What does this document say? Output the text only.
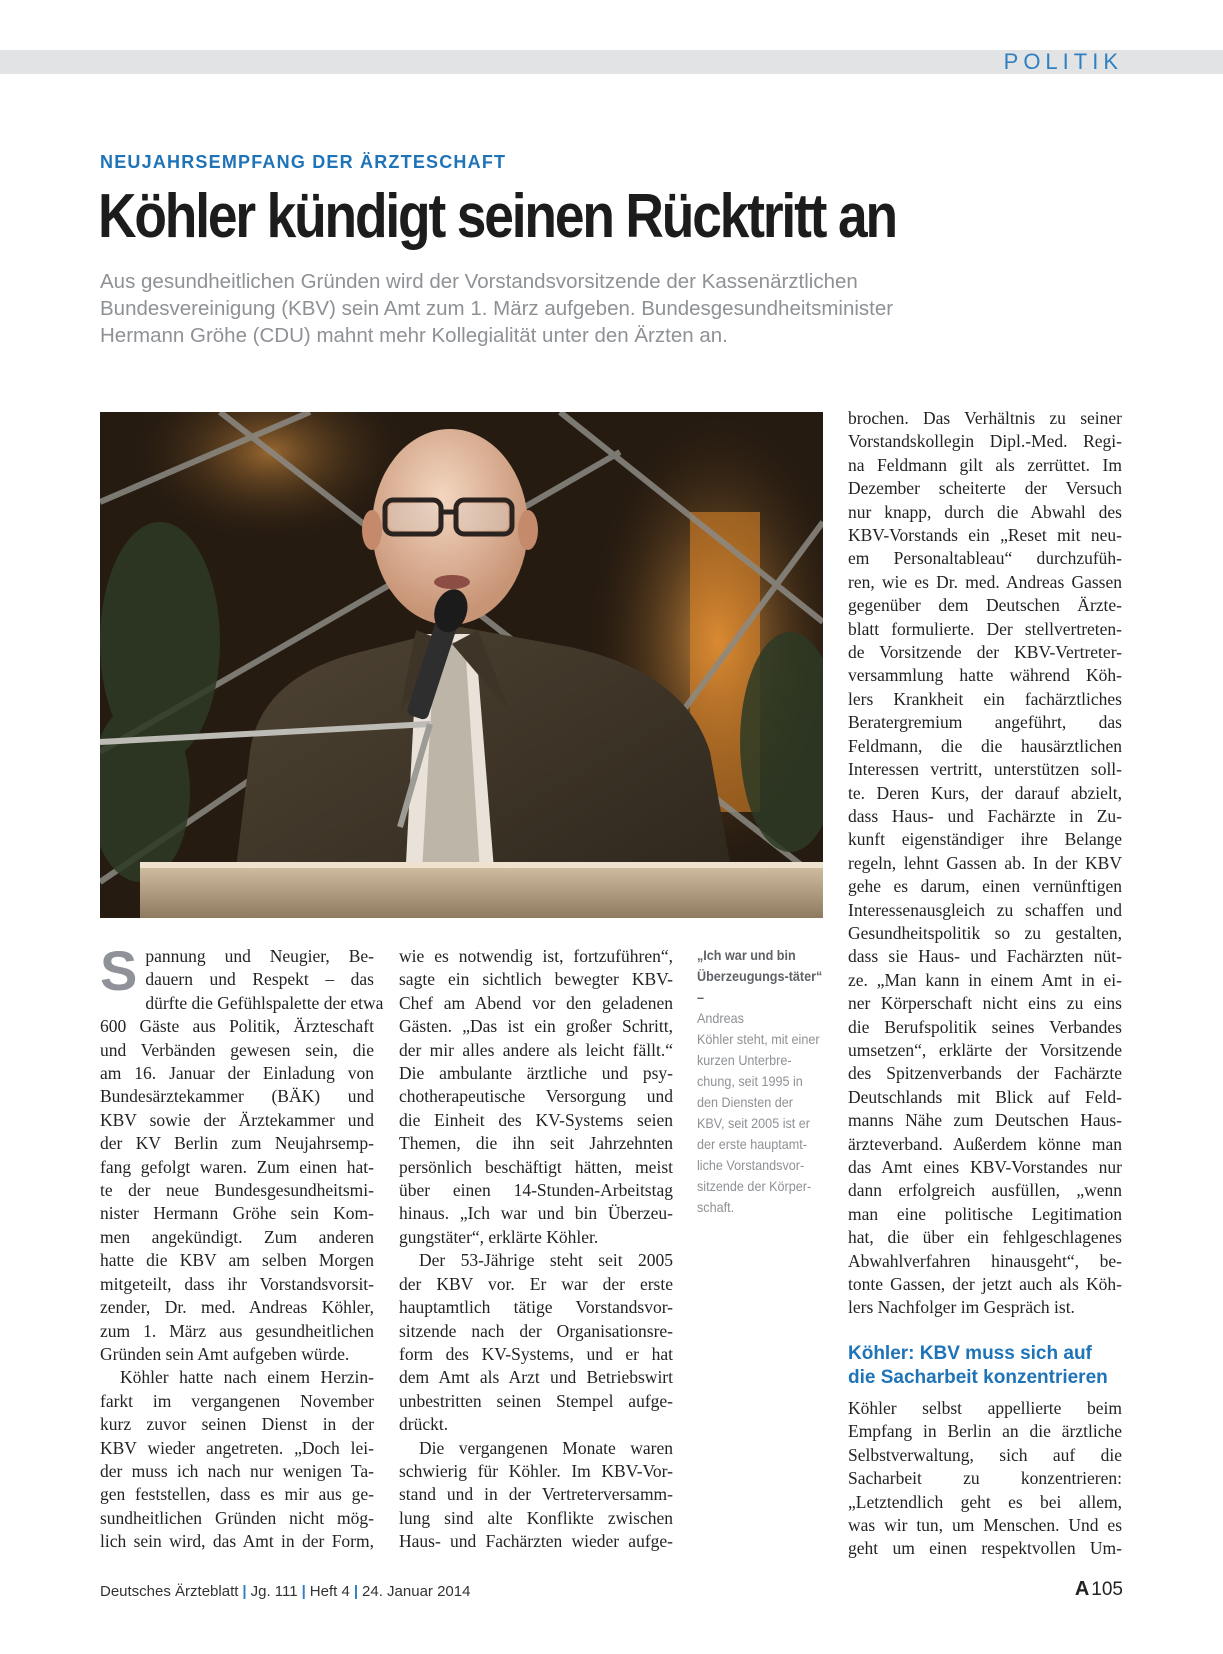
POLITIK
NEUJAHRSEMPFANG DER ÄRZTESCHAFT
Köhler kündigt seinen Rücktritt an
Aus gesundheitlichen Gründen wird der Vorstandsvorsitzende der Kassenärztlichen
Bundesvereinigung (KBV) sein Amt zum 1. März aufgeben. Bundesgesundheitsminister
Hermann Gröhe (CDU) mahnt mehr Kollegialität unter den Ärzten an.
S pannung und Neugier, Be-
dauern und Respekt – das
dürfte die Gefühlspalette der etwa
600 Gäste aus Politik, Ärzteschaft
und Verbänden gewesen sein, die
am 16. Januar der Einladung von
Bundesärztekammer (BÄK) und
KBV sowie der Ärztekammer und
der KV Berlin zum Neujahrsemp-
fang gefolgt waren. Zum einen hat-
te der neue Bundesgesundheitsmi-
nister Hermann Gröhe sein Kom-
men angekündigt. Zum anderen
hatte die KBV am selben Morgen
mitgeteilt, dass ihr Vorstandsvorsit-
zender, Dr. med. Andreas Köhler,
zum 1. März aus gesundheitlichen
Gründen sein Amt aufgeben würde.
Köhler hatte nach einem Herzin-
farkt im vergangenen November
kurz zuvor seinen Dienst in der
KBV wieder angetreten. „Doch lei-
der muss ich nach nur wenigen Ta-
gen feststellen, dass es mir aus ge-
sundheitlichen Gründen nicht mög-
lich sein wird, das Amt in der Form,
wie es notwendig ist, fortzuführen“,
sagte ein sichtlich bewegter KBV-
Chef am Abend vor den geladenen
Gästen. „Das ist ein großer Schritt,
der mir alles andere als leicht fällt.“
Die ambulante ärztliche und psy-
chotherapeutische Versorgung und
die Einheit des KV-Systems seien
Themen, die ihn seit Jahrzehnten
persönlich beschäftigt hätten, meist
über einen 14-Stunden-Arbeitstag
hinaus. „Ich war und bin Überzeu-
gungstäter“, erklärte Köhler.
Der 53-Jährige steht seit 2005
der KBV vor. Er war der erste
hauptamtlich tätige Vorstandsvor-
sitzende nach der Organisationsre-
form des KV-Systems, und er hat
dem Amt als Arzt und Betriebswirt
unbestritten seinen Stempel aufge-
drückt.
Die vergangenen Monate waren
schwierig für Köhler. Im KBV-Vor-
stand und in der Vertreterversamm-
lung sind alte Konflikte zwischen
Haus- und Fachärzten wieder aufge-
„Ich war und bin Überzeugungs-täter“ –
Andreas
Köhler steht, mit einer
kurzen Unterbre-
chung, seit 1995 in
den Diensten der
KBV, seit 2005 ist er
der erste hauptamt-
liche Vorstandsvor-
sitzende der Körper-
schaft.
brochen. Das Verhältnis zu seiner
Vorstandskollegin Dipl.-Med. Regi-
na Feldmann gilt als zerrüttet. Im
Dezember scheiterte der Versuch
nur knapp, durch die Abwahl des
KBV-Vorstands ein „Reset mit neu-
em Personaltableau“ durchzufüh-
ren, wie es Dr. med. Andreas Gassen
gegenüber dem Deutschen Ärzte-
blatt formulierte. Der stellvertreten-
de Vorsitzende der KBV-Vertreter-
versammlung hatte während Köh-
lers Krankheit ein fachärztliches
Beratergremium angeführt, das
Feldmann, die die hausärztlichen
Interessen vertritt, unterstützen soll-
te. Deren Kurs, der darauf abzielt,
dass Haus- und Fachärzte in Zu-
kunft eigenständiger ihre Belange
regeln, lehnt Gassen ab. In der KBV
gehe es darum, einen vernünftigen
Interessenausgleich zu schaffen und
Gesundheitspolitik so zu gestalten,
dass sie Haus- und Fachärzten nüt-
ze. „Man kann in einem Amt in ei-
ner Körperschaft nicht eins zu eins
die Berufspolitik seines Verbandes
umsetzen“, erklärte der Vorsitzende
des Spitzenverbands der Fachärzte
Deutschlands mit Blick auf Feld-
manns Nähe zum Deutschen Haus-
ärzteverband. Außerdem könne man
das Amt eines KBV-Vorstandes nur
dann erfolgreich ausfüllen, „wenn
man eine politische Legitimation
hat, die über ein fehlgeschlagenes
Abwahlverfahren hinausgeht“, be-
tonte Gassen, der jetzt auch als Köh-
lers Nachfolger im Gespräch ist.
Köhler: KBV muss sich auf
die Sacharbeit konzentrieren
Köhler selbst appellierte beim
Empfang in Berlin an die ärztliche
Selbstverwaltung, sich auf die
Sacharbeit zu konzentrieren:
„Letztendlich geht es bei allem,
was wir tun, um Menschen. Und es
geht um einen respektvollen Um-
Deutsches Ärzteblatt | Jg. 111 | Heft 4 | 24. Januar 2014	A 105
